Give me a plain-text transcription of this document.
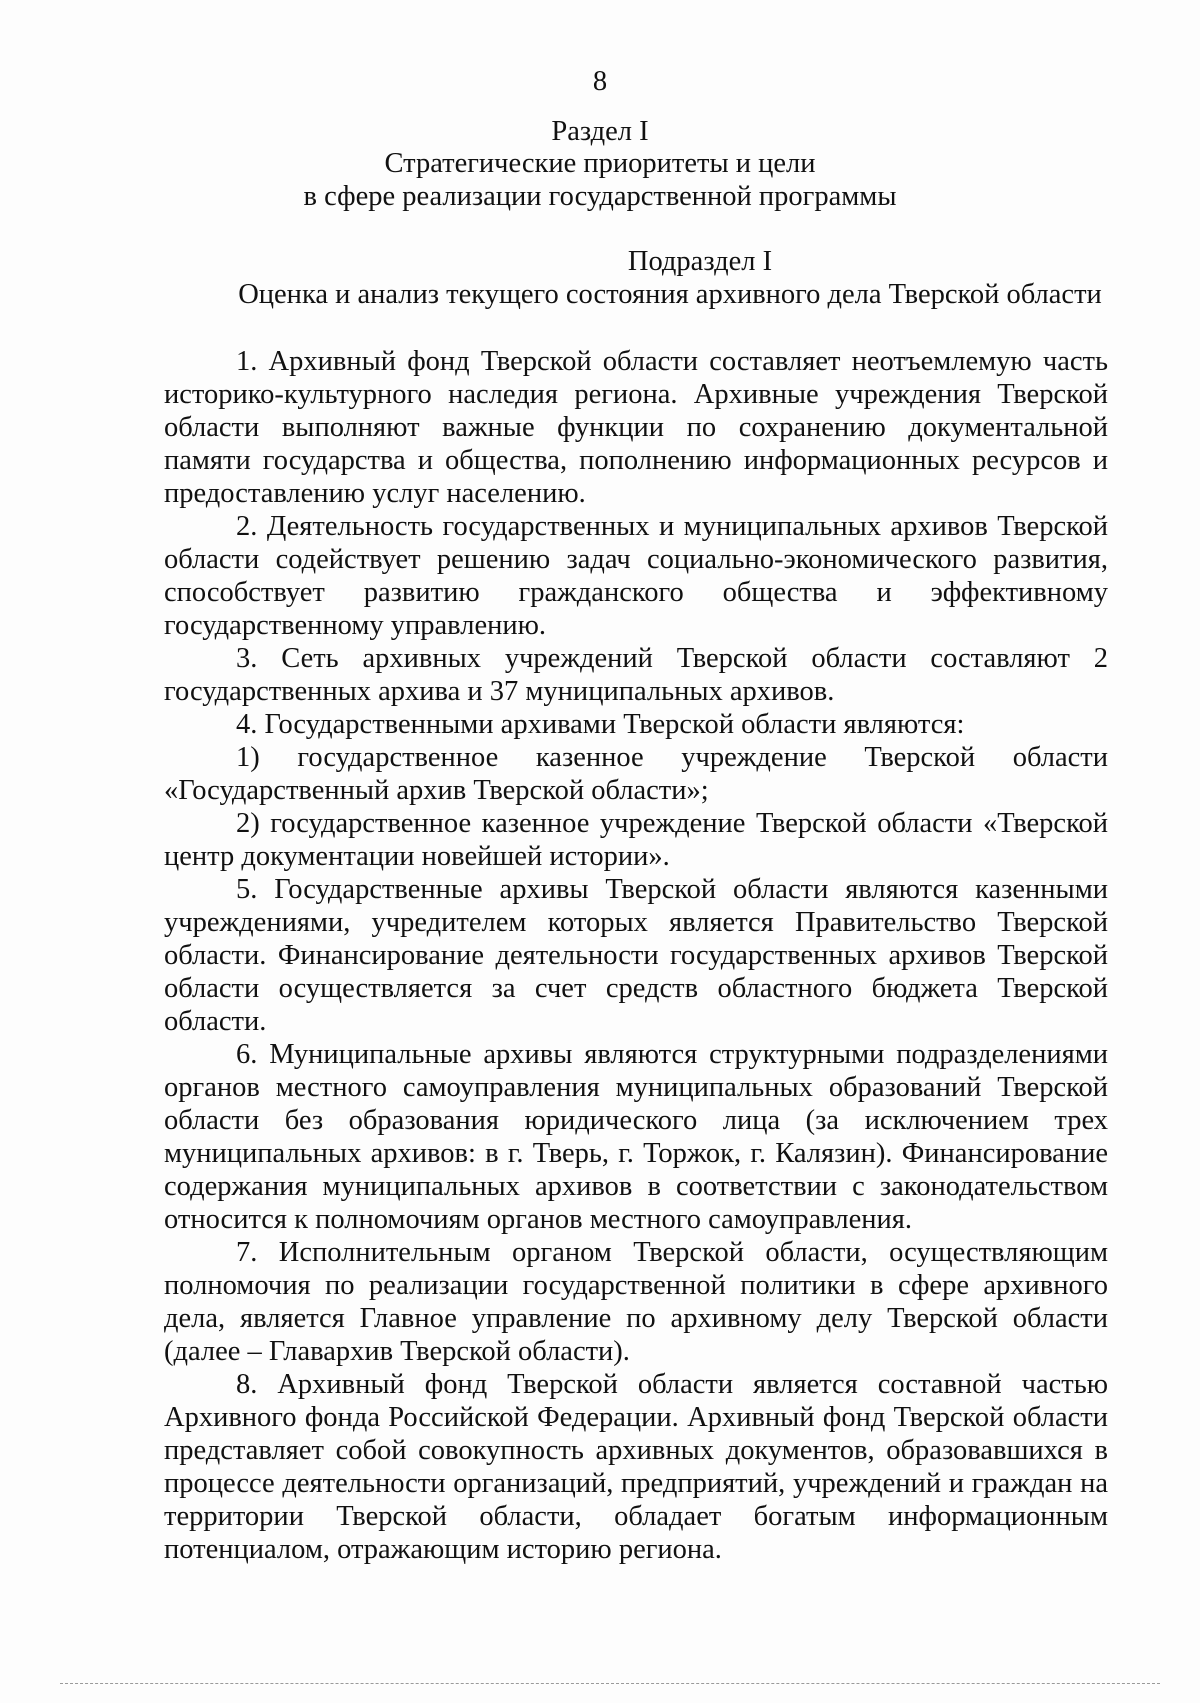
8
Раздел I
Стратегические приоритеты и цели
в сфере реализации государственной программы
Подраздел I
Оценка и анализ текущего состояния архивного дела Тверской области

1. Архивный фонд Тверской области составляет неотъемлемую часть историко-культурного наследия региона. Архивные учреждения Тверской области выполняют важные функции по сохранению документальной памяти государства и общества, пополнению информационных ресурсов и предоставлению услуг населению.

2. Деятельность государственных и муниципальных архивов Тверской области содействует решению задач социально-экономического развития, способствует развитию гражданского общества и эффективному государственному управлению.

3. Сеть архивных учреждений Тверской области составляют 2 государственных архива и 37 муниципальных архивов.

4. Государственными архивами Тверской области являются:

1) государственное казенное учреждение Тверской области «Государственный архив Тверской области»;

2) государственное казенное учреждение Тверской области «Тверской центр документации новейшей истории».

5. Государственные архивы Тверской области являются казенными учреждениями, учредителем которых является Правительство Тверской области. Финансирование деятельности государственных архивов Тверской области осуществляется за счет средств областного бюджета Тверской области.

6. Муниципальные архивы являются структурными подразделениями органов местного самоуправления муниципальных образований Тверской области без образования юридического лица (за исключением трех муниципальных архивов: в г. Тверь, г. Торжок, г. Калязин). Финансирование содержания муниципальных архивов в соответствии с законодательством относится к полномочиям органов местного самоуправления.

7. Исполнительным органом Тверской области, осуществляющим полномочия по реализации государственной политики в сфере архивного дела, является Главное управление по архивному делу Тверской области (далее – Главархив Тверской области).

8. Архивный фонд Тверской области является составной частью Архивного фонда Российской Федерации. Архивный фонд Тверской области представляет собой совокупность архивных документов, образовавшихся в процессе деятельности организаций, предприятий, учреждений и граждан на территории Тверской области, обладает богатым информационным потенциалом, отражающим историю региона.
